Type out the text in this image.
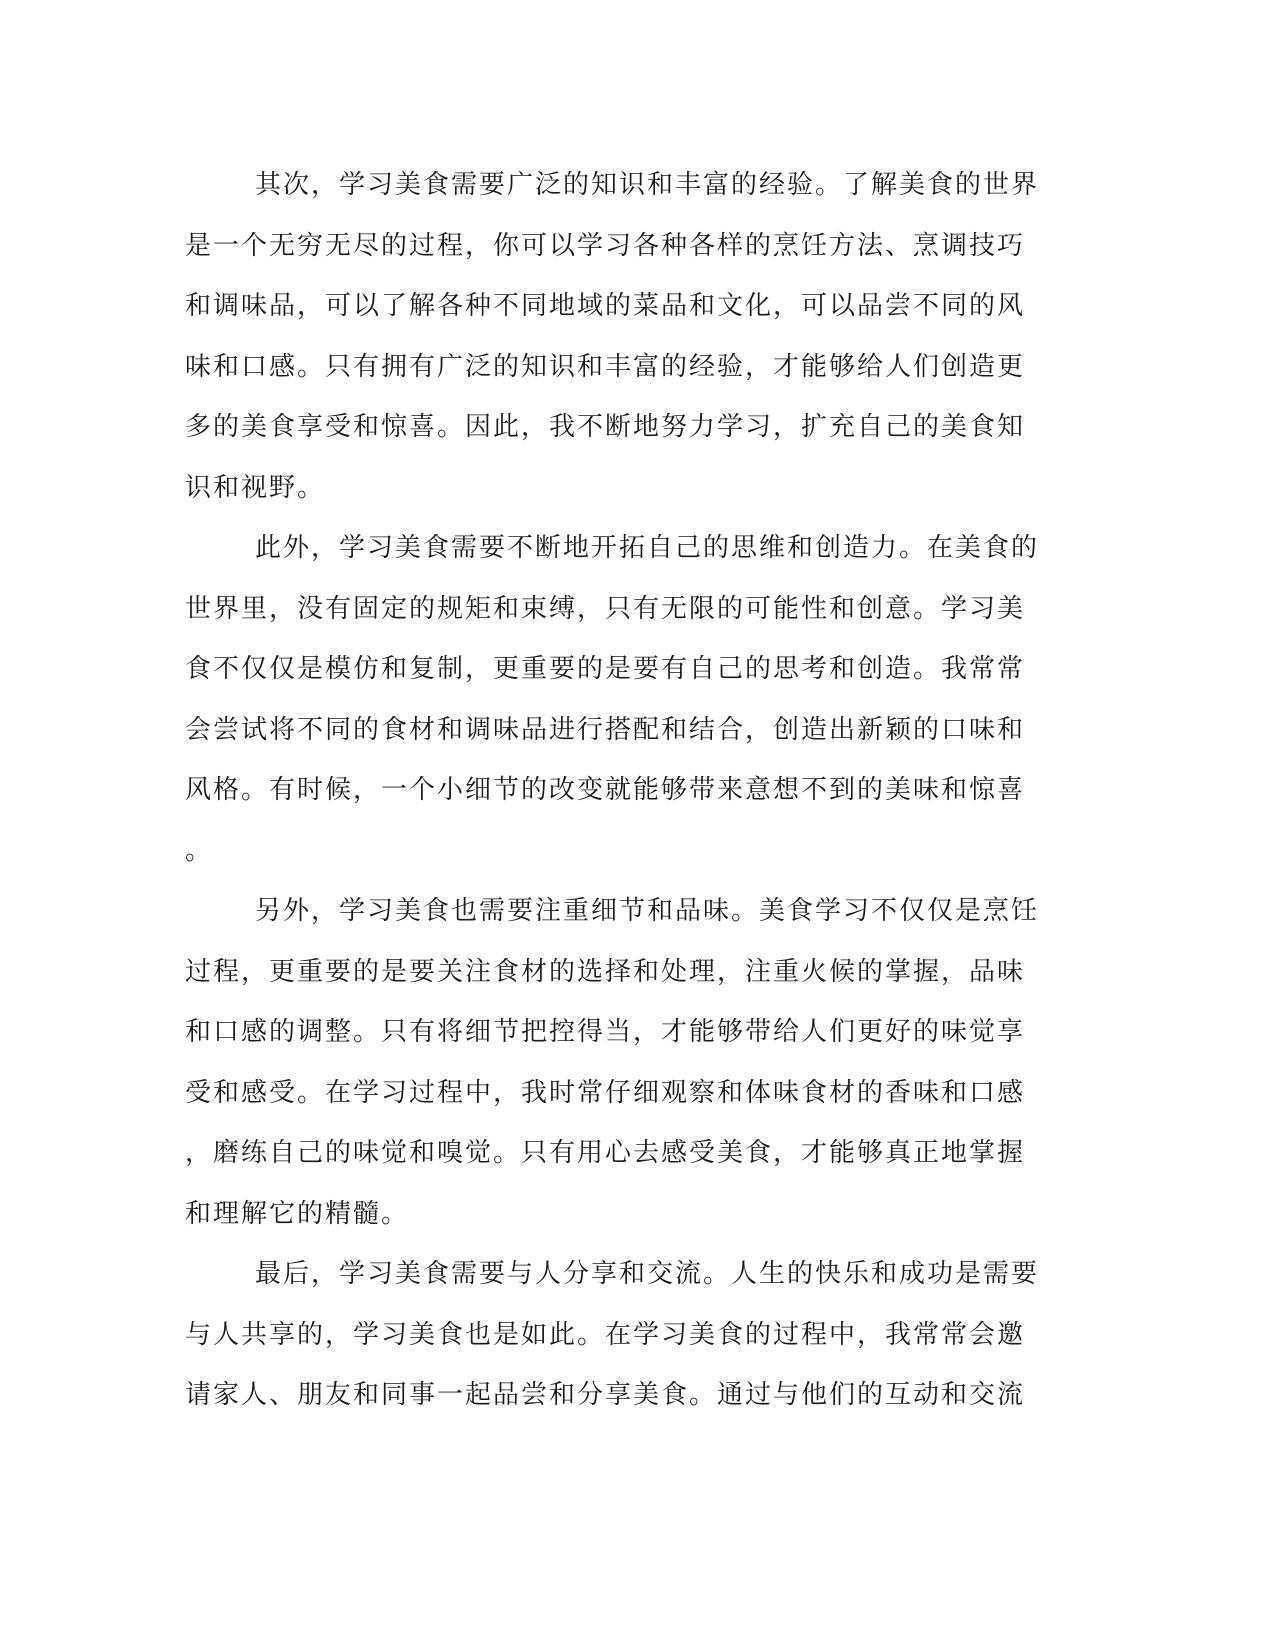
其次，学习美食需要广泛的知识和丰富的经验。了解美食的世界
是一个无穷无尽的过程，你可以学习各种各样的烹饪方法、烹调技巧
和调味品，可以了解各种不同地域的菜品和文化，可以品尝不同的风
味和口感。只有拥有广泛的知识和丰富的经验，才能够给人们创造更
多的美食享受和惊喜。因此，我不断地努力学习，扩充自己的美食知
识和视野。
此外，学习美食需要不断地开拓自己的思维和创造力。在美食的
世界里，没有固定的规矩和束缚，只有无限的可能性和创意。学习美
食不仅仅是模仿和复制，更重要的是要有自己的思考和创造。我常常
会尝试将不同的食材和调味品进行搭配和结合，创造出新颖的口味和
风格。有时候，一个小细节的改变就能够带来意想不到的美味和惊喜
。
另外，学习美食也需要注重细节和品味。美食学习不仅仅是烹饪
过程，更重要的是要关注食材的选择和处理，注重火候的掌握，品味
和口感的调整。只有将细节把控得当，才能够带给人们更好的味觉享
受和感受。在学习过程中，我时常仔细观察和体味食材的香味和口感
，磨练自己的味觉和嗅觉。只有用心去感受美食，才能够真正地掌握
和理解它的精髓。
最后，学习美食需要与人分享和交流。人生的快乐和成功是需要
与人共享的，学习美食也是如此。在学习美食的过程中，我常常会邀
请家人、朋友和同事一起品尝和分享美食。通过与他们的互动和交流
